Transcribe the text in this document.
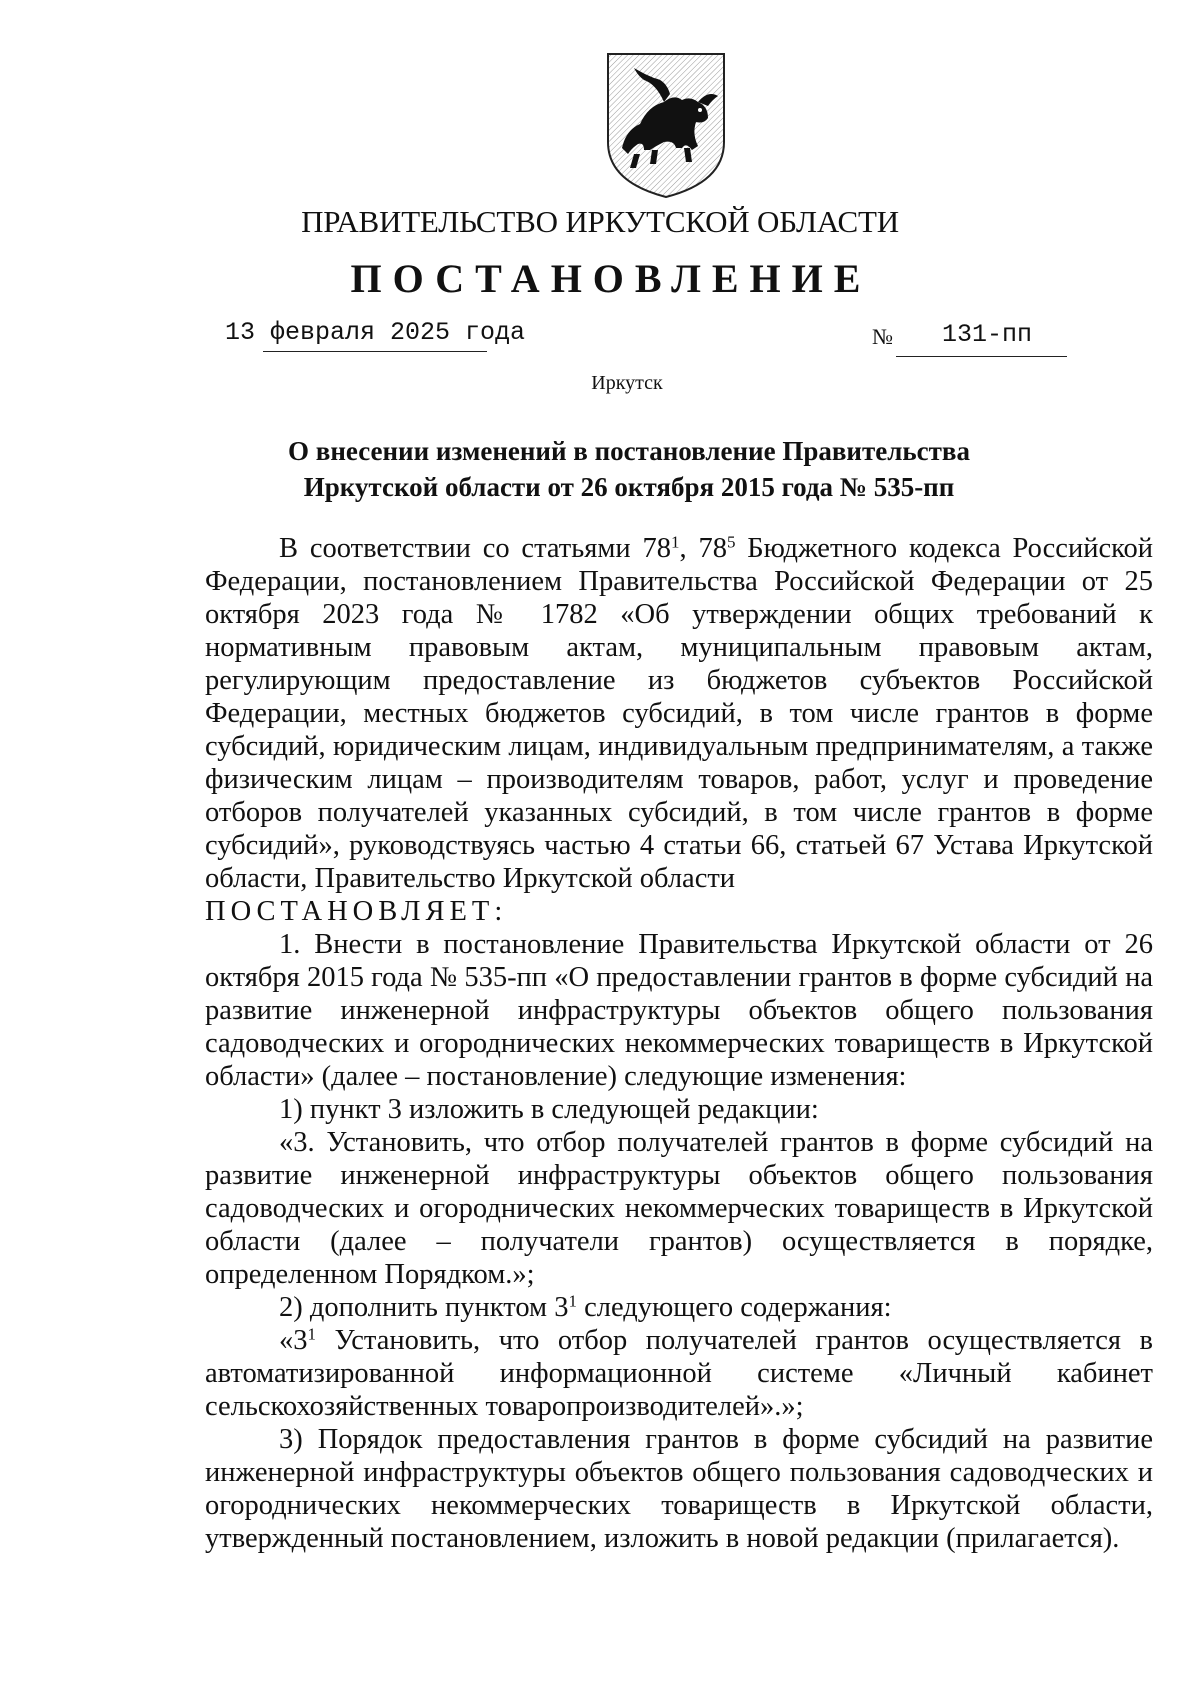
ПРАВИТЕЛЬСТВО ИРКУТСКОЙ ОБЛАСТИ
ПОСТАНОВЛЕНИЕ
13 февраля 2025 года	№ 131-пп
Иркутск
О внесении изменений в постановление Правительства
Иркутской области от 26 октября 2015 года № 535-пп

В соответствии со статьями $78^1$, $78^5$ Бюджетного кодекса Российской Федерации, постановлением Правительства Российской Федерации от 25 октября 2023 года № 1782 «Об утверждении общих требований к нормативным правовым актам, муниципальным правовым актам, регулирующим предоставление из бюджетов субъектов Российской Федерации, местных бюджетов субсидий, в том числе грантов в форме субсидий, юридическим лицам, индивидуальным предпринимателям, а также физическим лицам – производителям товаров, работ, услуг и проведение отборов получателей указанных субсидий, в том числе грантов в форме субсидий», руководствуясь частью 4 статьи 66, статьей 67 Устава Иркутской области, Правительство Иркутской области

ПОСТАНОВЛЯЕТ:

1. Внести в постановление Правительства Иркутской области от 26 октября 2015 года № 535-пп «О предоставлении грантов в форме субсидий на развитие инженерной инфраструктуры объектов общего пользования садоводческих и огороднических некоммерческих товариществ в Иркутской области» (далее – постановление) следующие изменения:

1) пункт 3 изложить в следующей редакции:

«3. Установить, что отбор получателей грантов в форме субсидий на развитие инженерной инфраструктуры объектов общего пользования садоводческих и огороднических некоммерческих товариществ в Иркутской области (далее – получатели грантов) осуществляется в порядке, определенном Порядком.»;

2) дополнить пунктом $3^1$ следующего содержания:

«$3^1$ Установить, что отбор получателей грантов осуществляется в автоматизированной информационной системе «Личный кабинет сельскохозяйственных товаропроизводителей».»;

3) Порядок предоставления грантов в форме субсидий на развитие инженерной инфраструктуры объектов общего пользования садоводческих и огороднических некоммерческих товариществ в Иркутской области, утвержденный постановлением, изложить в новой редакции (прилагается).
